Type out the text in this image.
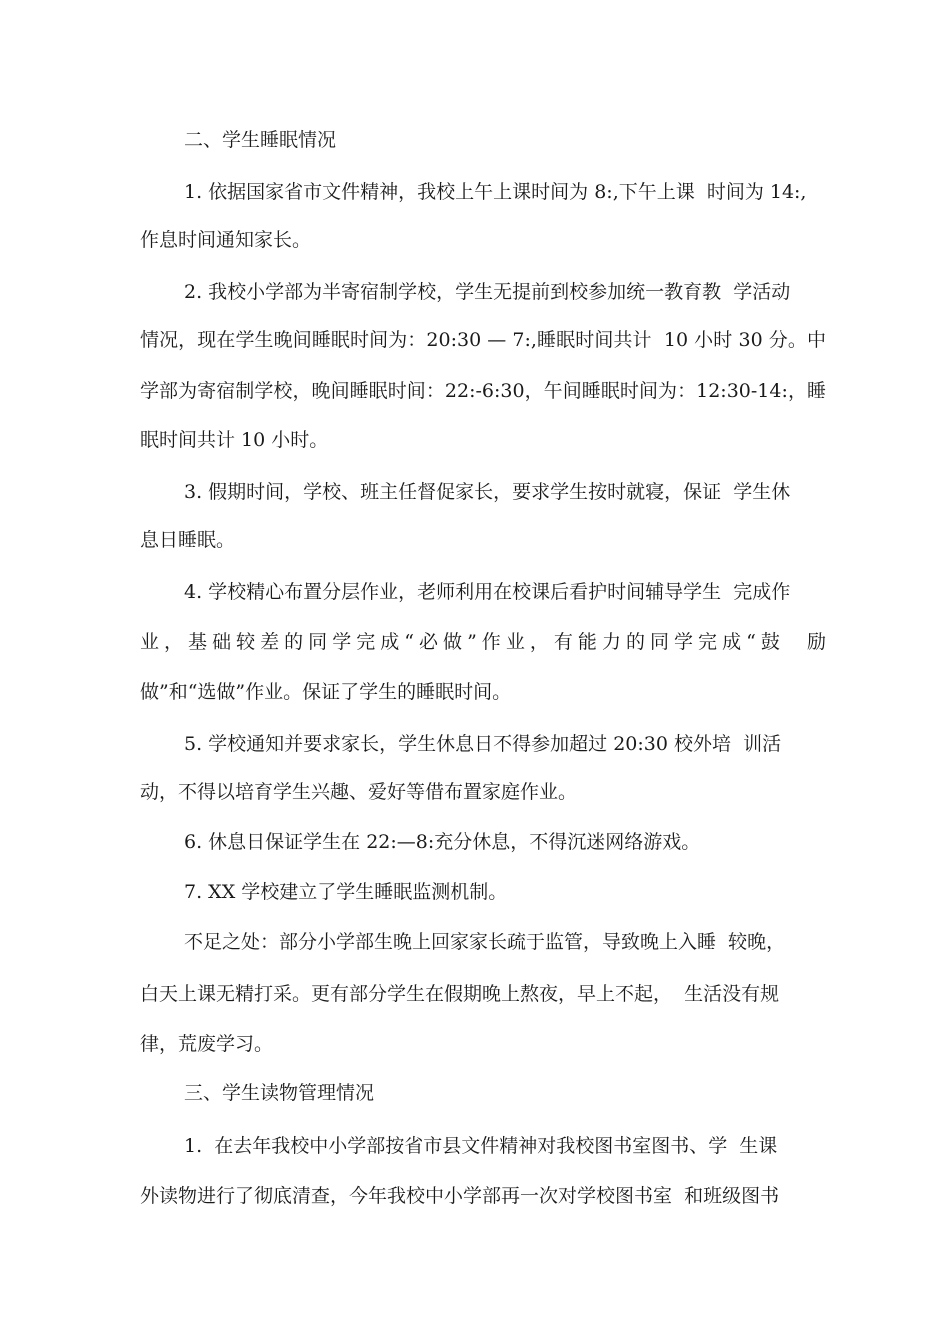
二、学生睡眠情况
1. 依据国家省市文件精神，我校上午上课时间为 8:,下午上课  时间为 14:,
作息时间通知家长。
2. 我校小学部为半寄宿制学校，学生无提前到校参加统一教育教  学活动
情况，现在学生晚间睡眠时间为：20:30 — 7:,睡眠时间共计  10 小时 30 分。中
学部为寄宿制学校，晚间睡眠时间：22:-6:30，午间睡眠时间为：12:30-14:，睡
眠时间共计 10 小时。
3. 假期时间，学校、班主任督促家长，要求学生按时就寝，保证  学生休
息日睡眠。
4. 学校精心布置分层作业，老师利用在校课后看护时间辅导学生  完成作
业，基础较差的同学完成“必做”作业，有能力的同学完成“鼓  励
做”和“选做”作业。保证了学生的睡眠时间。
5. 学校通知并要求家长，学生休息日不得参加超过 20:30 校外培  训活
动，不得以培育学生兴趣、爱好等借布置家庭作业。
6. 休息日保证学生在 22:—8:充分休息，不得沉迷网络游戏。
7. XX 学校建立了学生睡眠监测机制。
不足之处：部分小学部生晚上回家家长疏于监管，导致晚上入睡  较晚，
白天上课无精打采。更有部分学生在假期晚上熬夜，早上不起，  生活没有规
律，荒废学习。
三、学生读物管理情况
1.  在去年我校中小学部按省市县文件精神对我校图书室图书、学  生课
外读物进行了彻底清查，今年我校中小学部再一次对学校图书室  和班级图书
